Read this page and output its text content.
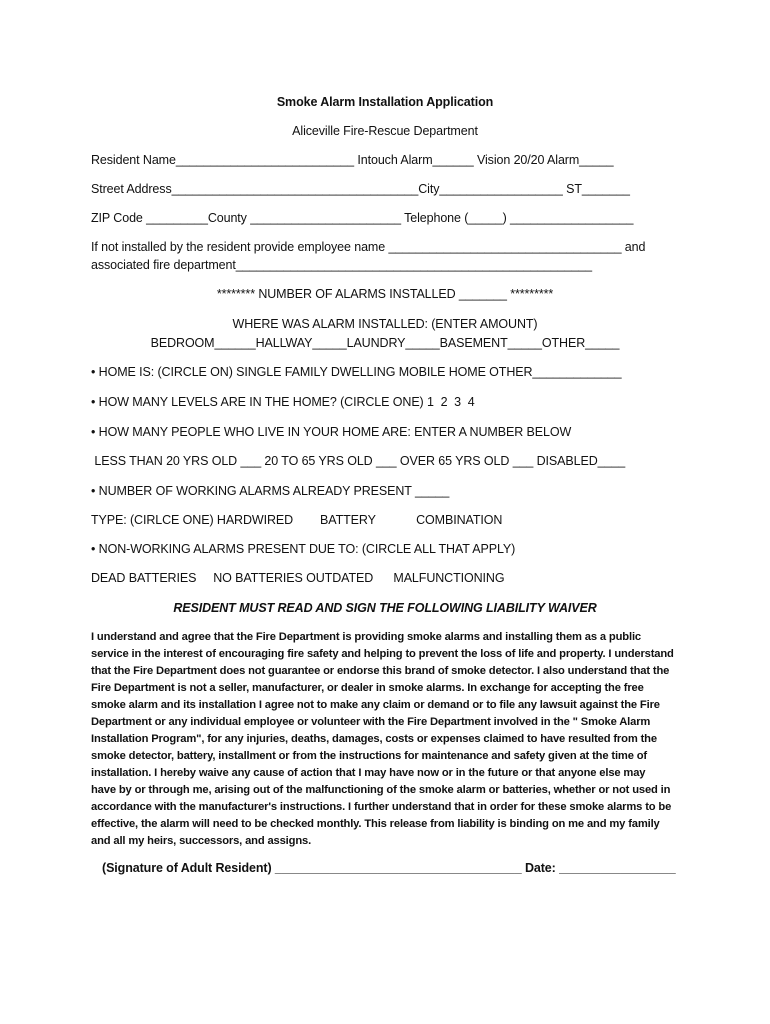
Smoke Alarm Installation Application
Aliceville Fire-Rescue Department
Resident Name__________________________ Intouch Alarm______ Vision 20/20 Alarm_____
Street Address____________________________________City__________________ ST_______
ZIP Code _________County ______________________ Telephone (_____) __________________
If not installed by the resident provide employee name __________________________________ and
associated fire department____________________________________________________
******** NUMBER OF ALARMS INSTALLED _______ *********
WHERE WAS ALARM INSTALLED: (ENTER AMOUNT)
BEDROOM______HALLWAY_____LAUNDRY_____BASEMENT_____OTHER_____
• HOME IS: (CIRCLE ON) SINGLE FAMILY DWELLING MOBILE HOME OTHER_____________
• HOW MANY LEVELS ARE IN THE HOME? (CIRCLE ONE) 1  2  3  4
• HOW MANY PEOPLE WHO LIVE IN YOUR HOME ARE: ENTER A NUMBER BELOW
LESS THAN 20 YRS OLD ___ 20 TO 65 YRS OLD ___ OVER 65 YRS OLD ___ DISABLED____
• NUMBER OF WORKING ALARMS ALREADY PRESENT _____
TYPE: (CIRLCE ONE) HARDWIRED        BATTERY            COMBINATION
• NON-WORKING ALARMS PRESENT DUE TO: (CIRCLE ALL THAT APPLY)
DEAD BATTERIES     NO BATTERIES OUTDATED      MALFUNCTIONING
RESIDENT MUST READ AND SIGN THE FOLLOWING LIABILITY WAIVER
I understand and agree that the Fire Department is providing smoke alarms and installing them as a public
service in the interest of encouraging fire safety and helping to prevent the loss of life and property. I understand
that the Fire Department does not guarantee or endorse this brand of smoke detector. I also understand that the
Fire Department is not a seller, manufacturer, or dealer in smoke alarms. In exchange for accepting the free
smoke alarm and its installation I agree not to make any claim or demand or to file any lawsuit against the Fire
Department or any individual employee or volunteer with the Fire Department involved in the " Smoke Alarm
Installation Program", for any injuries, deaths, damages, costs or expenses claimed to have resulted from the
smoke detector, battery, installment or from the instructions for maintenance and safety given at the time of
installation. I hereby waive any cause of action that I may have now or in the future or that anyone else may
have by or through me, arising out of the malfunctioning of the smoke alarm or batteries, whether or not used in
accordance with the manufacturer's instructions. I further understand that in order for these smoke alarms to be
effective, the alarm will need to be checked monthly. This release from liability is binding on me and my family
and all my heirs, successors, and assigns.
(Signature of Adult Resident) ____________________________________ Date: _________________
